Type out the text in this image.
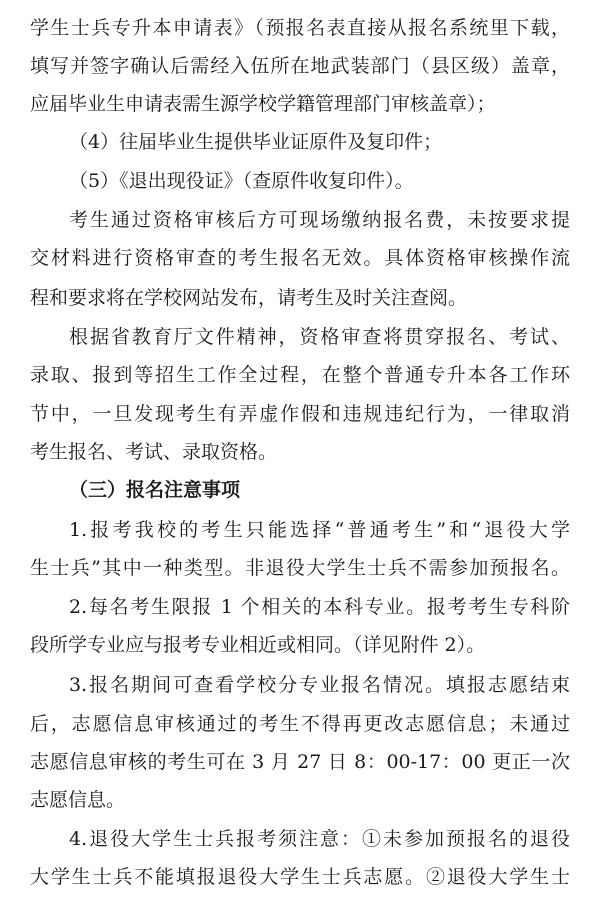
学生士兵专升本申请表》（预报名表直接从报名系统里下载，
填写并签字确认后需经入伍所在地武装部门（县区级）盖章，
应届毕业生申请表需生源学校学籍管理部门审核盖章）；
（4）往届毕业生提供毕业证原件及复印件；
（5）《退出现役证》（查原件收复印件）。
考生通过资格审核后方可现场缴纳报名费，未按要求提
交材料进行资格审查的考生报名无效。具体资格审核操作流
程和要求将在学校网站发布，请考生及时关注查阅。
根据省教育厅文件精神，资格审查将贯穿报名、考试、
录取、报到等招生工作全过程，在整个普通专升本各工作环
节中，一旦发现考生有弄虚作假和违规违纪行为，一律取消
考生报名、考试、录取资格。
（三）报名注意事项
1.报考我校的考生只能选择“普通考生”和“退役大学
生士兵”其中一种类型。非退役大学生士兵不需参加预报名。
2.每名考生限报 1 个相关的本科专业。报考考生专科阶
段所学专业应与报考专业相近或相同。（详见附件 2）。
3.报名期间可查看学校分专业报名情况。填报志愿结束
后，志愿信息审核通过的考生不得再更改志愿信息；未通过
志愿信息审核的考生可在 3 月 27 日 8：00-17：00 更正一次
志愿信息。
4.退役大学生士兵报考须注意：①未参加预报名的退役
大学生士兵不能填报退役大学生士兵志愿。②退役大学生士
